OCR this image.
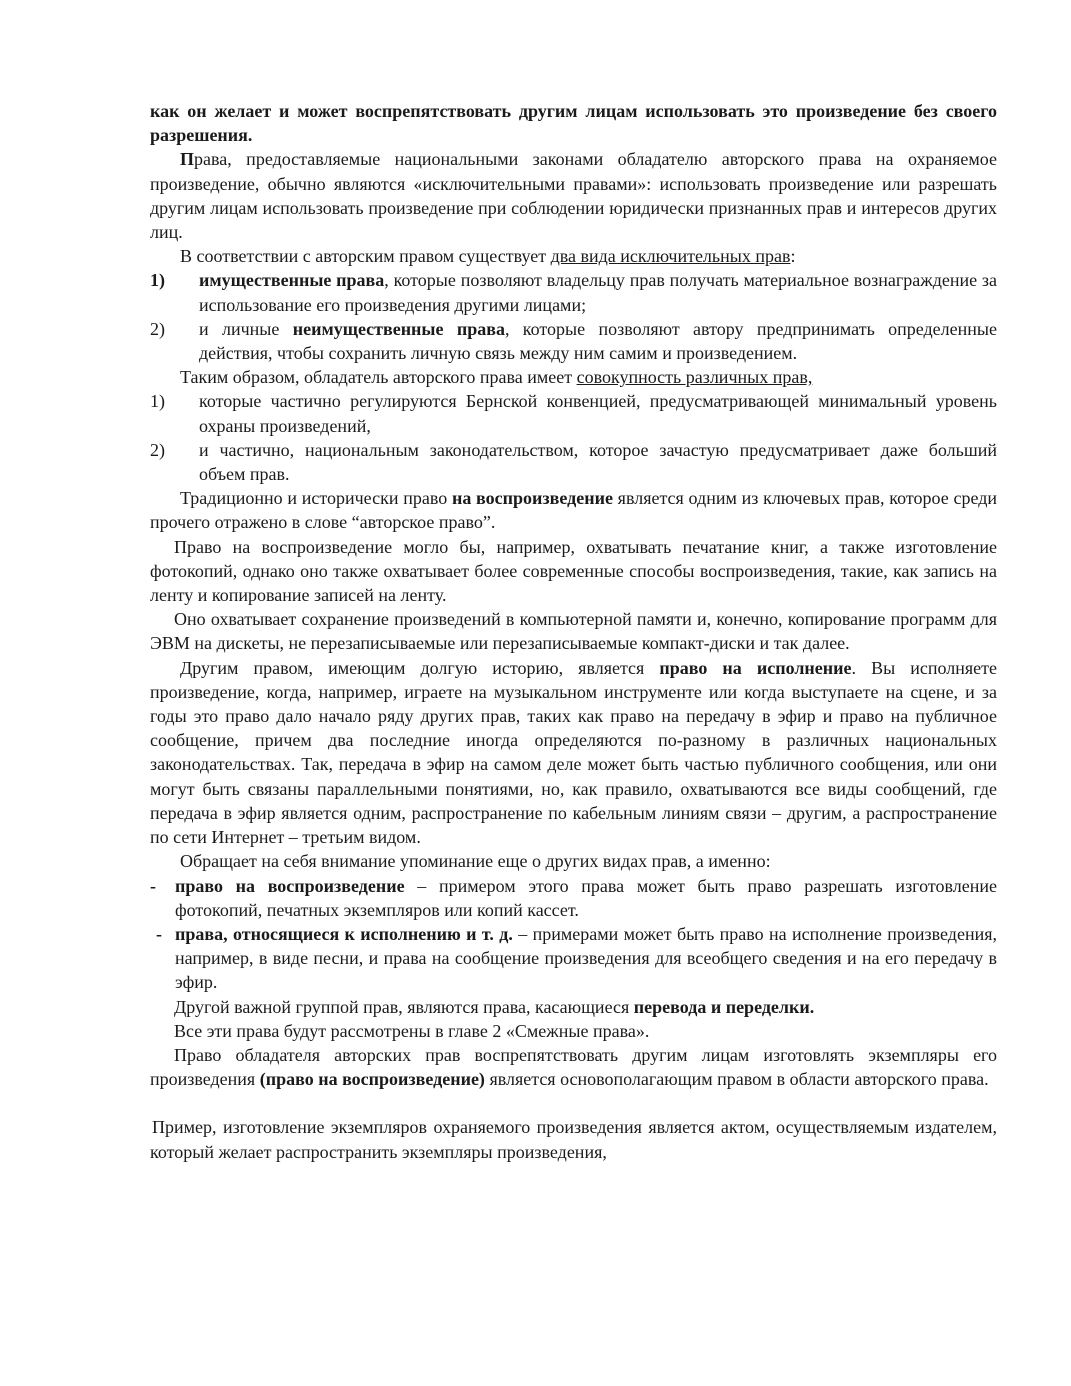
как он желает и может воспрепятствовать другим лицам использовать это произведение без своего разрешения.

Права, предоставляемые национальными законами обладателю авторского права на охраняемое произведение, обычно являются «исключительными правами»: использовать произведение или разрешать другим лицам использовать произведение при соблюдении юридически признанных прав и интересов других лиц.

В соответствии с авторским правом существует два вида исключительных прав:

1)	имущественные права, которые позволяют владельцу прав получать материальное вознаграждение за использование его произведения другими лицами;
2)	и личные неимущественные права, которые позволяют автору предпринимать определенные действия, чтобы сохранить личную связь между ним самим и произведением.

Таким образом, обладатель авторского права имеет совокупность различных прав,

1)	которые частично регулируются Бернской конвенцией, предусматривающей минимальный уровень охраны произведений,
2)	и частично, национальным законодательством, которое зачастую предусматривает даже больший объем прав.

Традиционно и исторически право на воспроизведение является одним из ключевых прав, которое среди прочего отражено в слове “авторское право”.

Право на воспроизведение могло бы, например, охватывать печатание книг, а также изготовление фотокопий, однако оно также охватывает более современные способы воспроизведения, такие, как запись на ленту и копирование записей на ленту.

Оно охватывает сохранение произведений в компьютерной памяти и, конечно, копирование программ для ЭВМ на дискеты, не перезаписываемые или перезаписываемые компакт-диски и так далее.

Другим правом, имеющим долгую историю, является право на исполнение. Вы исполняете произведение, когда, например, играете на музыкальном инструменте или когда выступаете на сцене, и за годы это право дало начало ряду других прав, таких как право на передачу в эфир и право на публичное сообщение, причем два последние иногда определяются по-разному в различных национальных законодательствах. Так, передача в эфир на самом деле может быть частью публичного сообщения, или они могут быть связаны параллельными понятиями, но, как правило, охватываются все виды сообщений, где передача в эфир является одним, распространение по кабельным линиям связи – другим, а распространение по сети Интернет – третьим видом.

Обращает на себя внимание упоминание еще о других видах прав, а именно:

-	право на воспроизведение – примером этого права может быть право разрешать изготовление фотокопий, печатных экземпляров или копий кассет.
- права, относящиеся к исполнению и т. д. – примерами может быть право на исполнение произведения, например, в виде песни, и права на сообщение произведения для всеобщего сведения и на его передачу в эфир.

Другой важной группой прав, являются права, касающиеся перевода и переделки.

Все эти права будут рассмотрены в главе 2 «Смежные права».

Право обладателя авторских прав воспрепятствовать другим лицам изготовлять экземпляры его произведения (право на воспроизведение) является основополагающим правом в области авторского права.

Пример, изготовление экземпляров охраняемого произведения является актом, осуществляемым издателем, который желает распространить экземпляры произведения,
